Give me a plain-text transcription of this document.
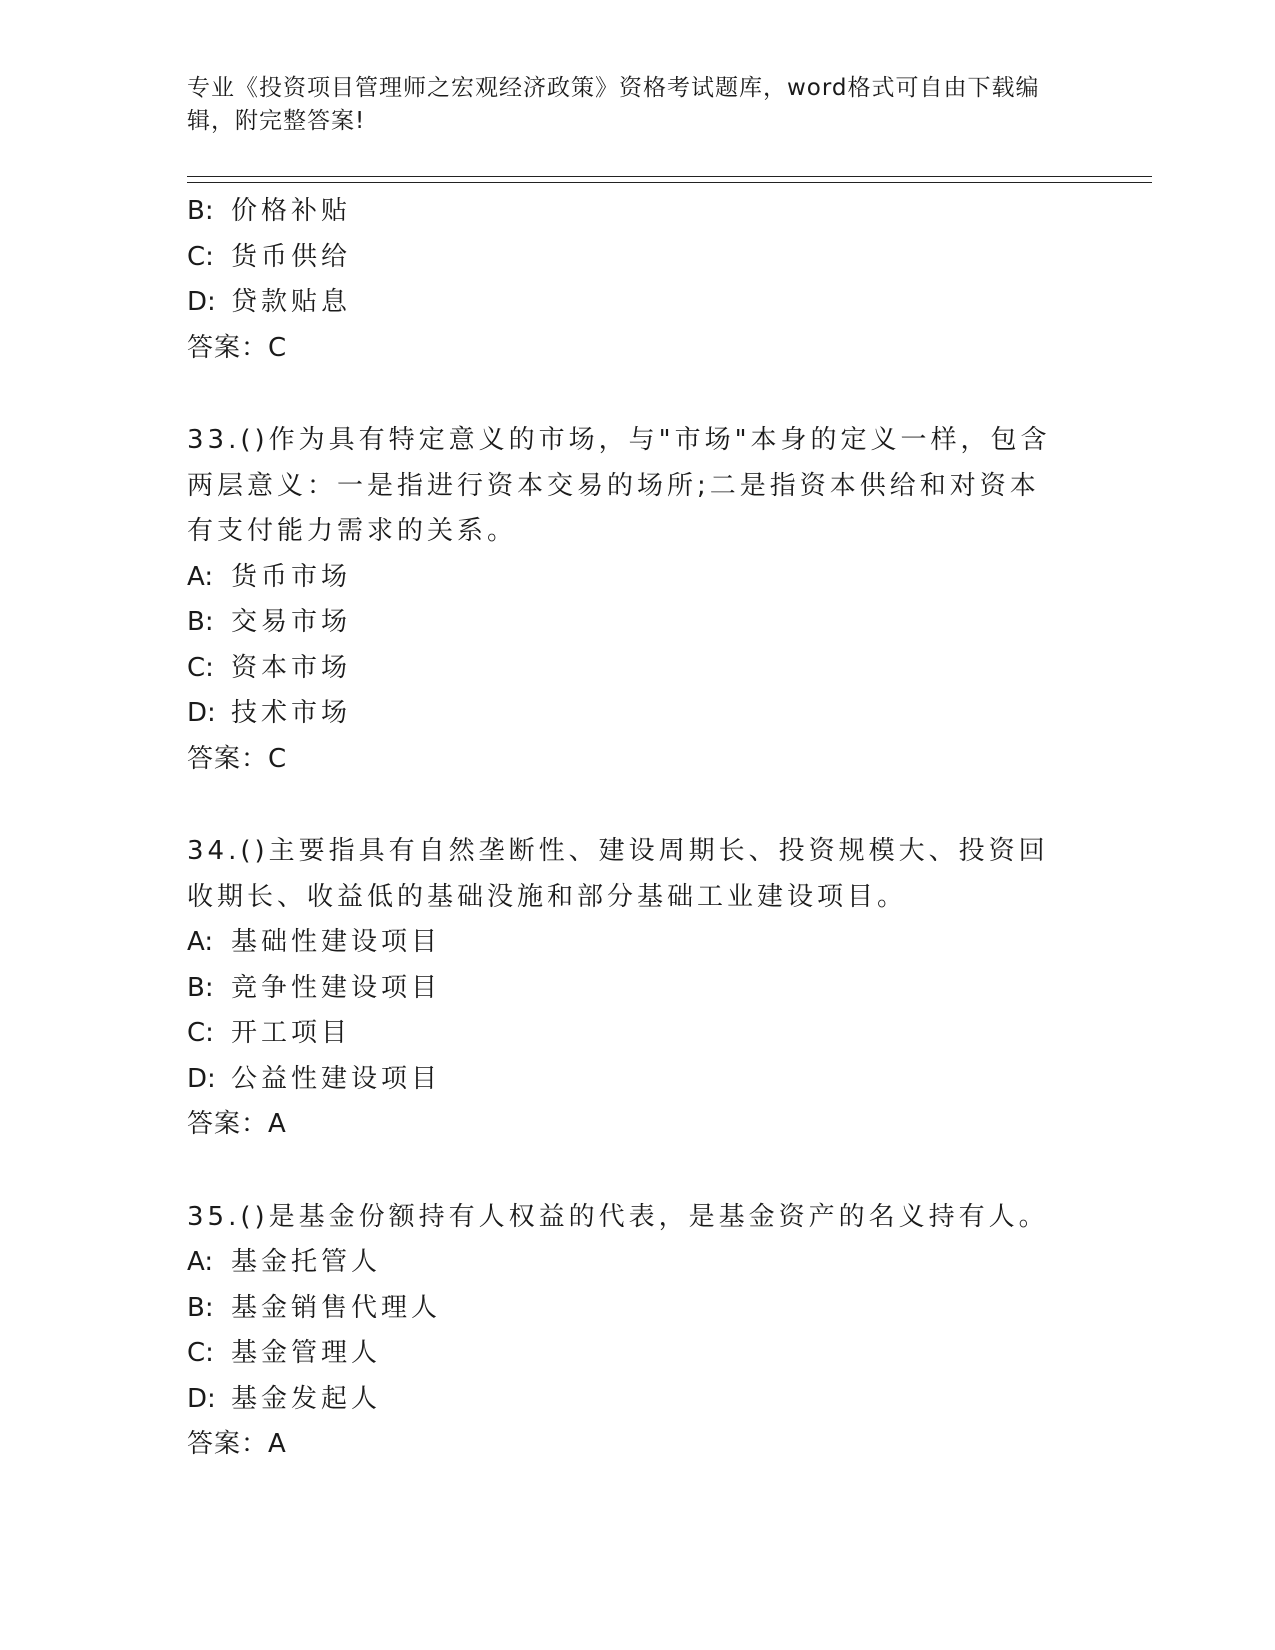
专业《投资项目管理师之宏观经济政策》资格考试题库，word格式可自由下载编辑，附完整答案!
B: 价格补贴
C: 货币供给
D: 贷款贴息
答案：C
33.()作为具有特定意义的市场，与"市场"本身的定义一样，包含两层意义：一是指进行资本交易的场所;二是指资本供给和对资本有支付能力需求的关系。
A: 货币市场
B: 交易市场
C: 资本市场
D: 技术市场
答案：C
34.()主要指具有自然垄断性、建设周期长、投资规模大、投资回收期长、收益低的基础没施和部分基础工业建设项目。
A: 基础性建设项目
B: 竞争性建设项目
C: 开工项目
D: 公益性建设项目
答案：A
35.()是基金份额持有人权益的代表，是基金资产的名义持有人。
A: 基金托管人
B: 基金销售代理人
C: 基金管理人
D: 基金发起人
答案：A
